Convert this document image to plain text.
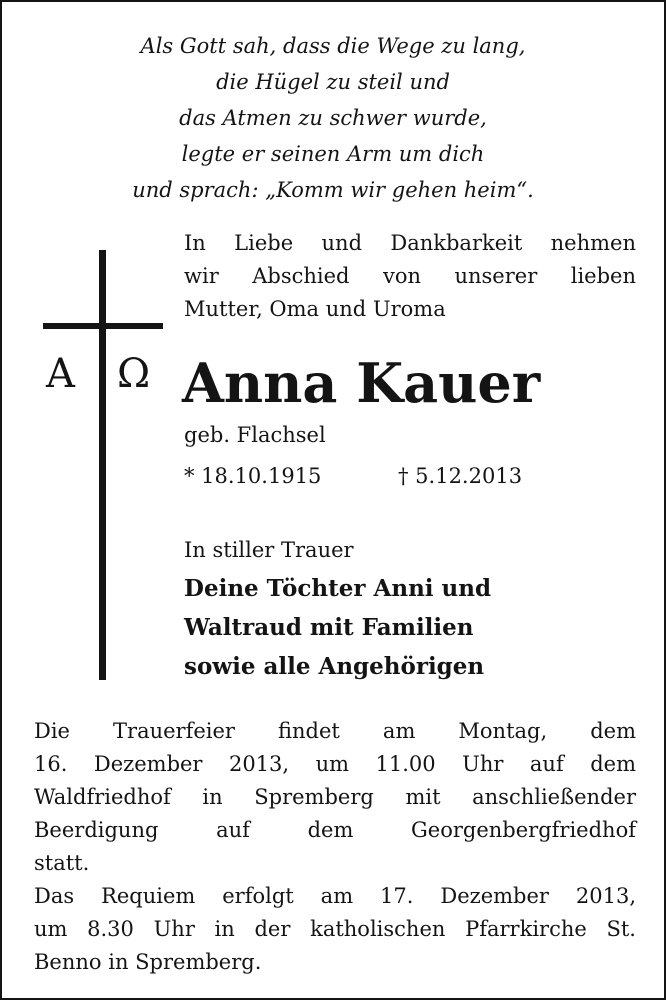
Als Gott sah, dass die Wege zu lang,
die Hügel zu steil und
das Atmen zu schwer wurde,
legte er seinen Arm um dich
und sprach: „Komm wir gehen heim“.
A Ω
In Liebe und Dankbarkeit nehmen
wir Abschied von unserer lieben
Mutter, Oma und Uroma
Anna Kauer
geb. Flachsel
* 18.10.1915	† 5.12.2013
In stiller Trauer
Deine Töchter Anni und
Waltraud mit Familien
sowie alle Angehörigen
Die Trauerfeier findet am Montag, dem
16. Dezember 2013, um 11.00 Uhr auf dem
Waldfriedhof in Spremberg mit anschließender
Beerdigung auf dem Georgenbergfriedhof
statt.
Das Requiem erfolgt am 17. Dezember 2013,
um 8.30 Uhr in der katholischen Pfarrkirche St.
Benno in Spremberg.
